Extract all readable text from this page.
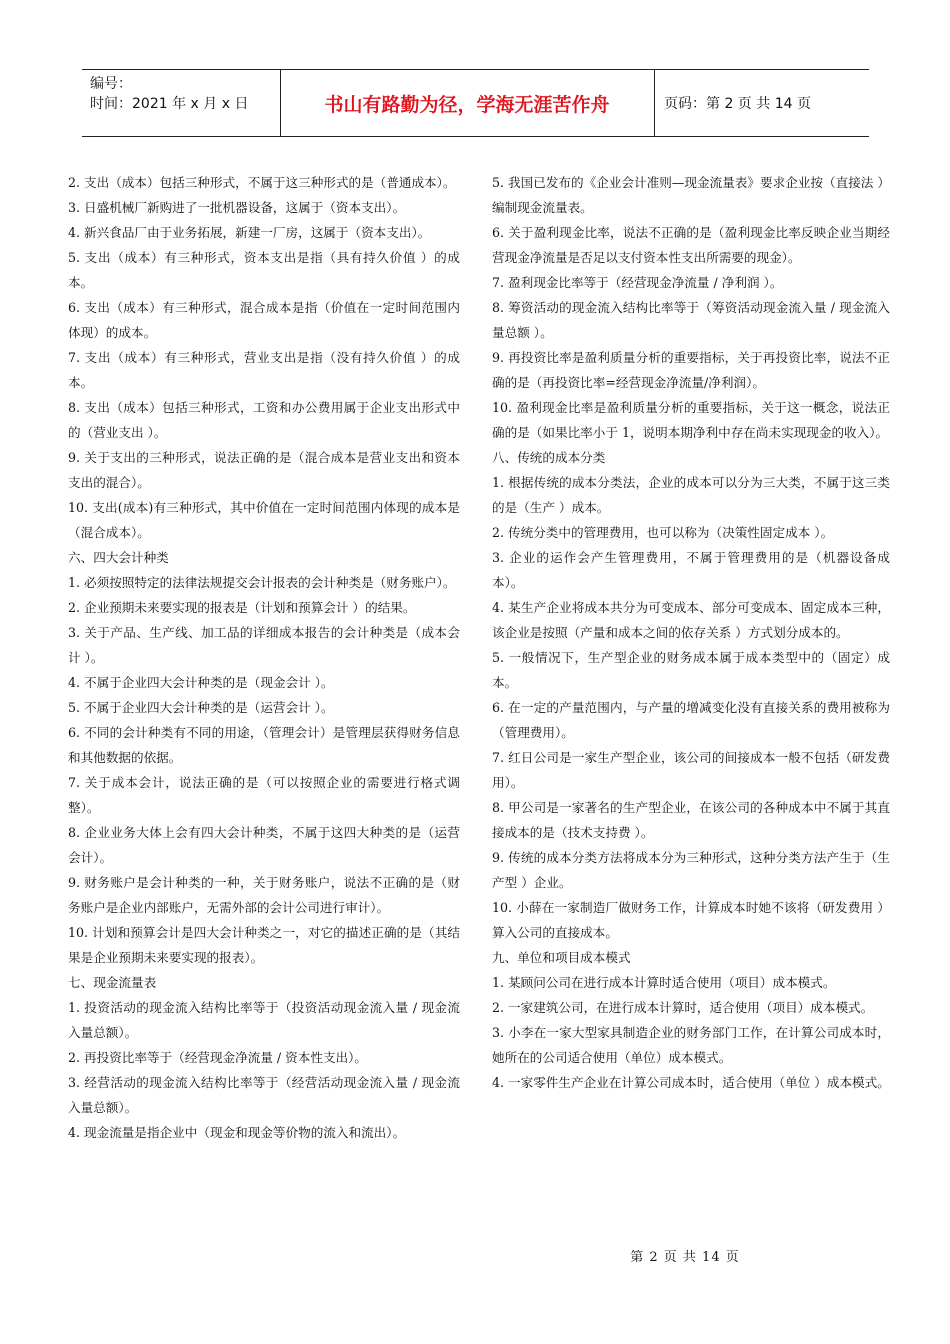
编号：
时间：2021 年 x 月 x 日	书山有路勤为径，学海无涯苦作舟	页码：第 2 页 共 14 页

2. 支出（成本）包括三种形式，不属于这三种形式的是（普通成本）。

3. 日盛机械厂新购进了一批机器设备，这属于（资本支出）。

4. 新兴食品厂由于业务拓展，新建一厂房，这属于（资本支出）。

5. 支出（成本）有三种形式，资本支出是指（具有持久价值 ）的成本。

6. 支出（成本）有三种形式，混合成本是指（价值在一定时间范围内体现）的成本。

7. 支出（成本）有三种形式，营业支出是指（没有持久价值 ）的成本。

8. 支出（成本）包括三种形式，工资和办公费用属于企业支出形式中的（营业支出 ）。

9. 关于支出的三种形式，说法正确的是（混合成本是营业支出和资本支出的混合）。

10. 支出(成本)有三种形式，其中价值在一定时间范围内体现的成本是（混合成本）。

六、四大会计种类

1. 必须按照特定的法律法规提交会计报表的会计种类是（财务账户）。

2. 企业预期未来要实现的报表是（计划和预算会计 ）的结果。

3. 关于产品、生产线、加工品的详细成本报告的会计种类是（成本会计 ）。

4. 不属于企业四大会计种类的是（现金会计 ）。

5. 不属于企业四大会计种类的是（运营会计 ）。

6. 不同的会计种类有不同的用途，（管理会计）是管理层获得财务信息和其他数据的依据。

7. 关于成本会计，说法正确的是（可以按照企业的需要进行格式调整）。

8. 企业业务大体上会有四大会计种类，不属于这四大种类的是（运营会计）。

9. 财务账户是会计种类的一种，关于财务账户，说法不正确的是（财务账户是企业内部账户，无需外部的会计公司进行审计）。

10. 计划和预算会计是四大会计种类之一，对它的描述正确的是（其结果是企业预期未来要实现的报表）。

七、现金流量表

1. 投资活动的现金流入结构比率等于（投资活动现金流入量 / 现金流入量总额）。

2. 再投资比率等于（经营现金净流量 / 资本性支出）。

3. 经营活动的现金流入结构比率等于（经营活动现金流入量 / 现金流入量总额）。

4. 现金流量是指企业中（现金和现金等价物的流入和流出）。

5. 我国已发布的《企业会计准则—现金流量表》要求企业按（直接法 ）编制现金流量表。

6. 关于盈利现金比率，说法不正确的是（盈利现金比率反映企业当期经营现金净流量是否足以支付资本性支出所需要的现金）。

7. 盈利现金比率等于（经营现金净流量 / 净利润 ）。

8. 筹资活动的现金流入结构比率等于（筹资活动现金流入量 / 现金流入量总额 ）。

9. 再投资比率是盈利质量分析的重要指标，关于再投资比率，说法不正确的是（再投资比率=经营现金净流量/净利润）。

10. 盈利现金比率是盈利质量分析的重要指标，关于这一概念，说法正确的是（如果比率小于 1，说明本期净利中存在尚未实现现金的收入）。

八、传统的成本分类

1. 根据传统的成本分类法，企业的成本可以分为三大类，不属于这三类的是（生产 ）成本。

2. 传统分类中的管理费用，也可以称为（决策性固定成本 ）。

3. 企业的运作会产生管理费用，不属于管理费用的是（机器设备成本）。

4. 某生产企业将成本共分为可变成本、部分可变成本、固定成本三种，该企业是按照（产量和成本之间的依存关系 ）方式划分成本的。

5. 一般情况下，生产型企业的财务成本属于成本类型中的（固定）成本。

6. 在一定的产量范围内，与产量的增减变化没有直接关系的费用被称为（管理费用）。

7. 红日公司是一家生产型企业，该公司的间接成本一般不包括（研发费用）。

8. 甲公司是一家著名的生产型企业，在该公司的各种成本中不属于其直接成本的是（技术支持费 ）。

9. 传统的成本分类方法将成本分为三种形式，这种分类方法产生于（生产型 ）企业。

10. 小薛在一家制造厂做财务工作，计算成本时她不该将（研发费用 ）算入公司的直接成本。

九、单位和项目成本模式

1. 某顾问公司在进行成本计算时适合使用（项目）成本模式。

2. 一家建筑公司，在进行成本计算时，适合使用（项目）成本模式。

3. 小李在一家大型家具制造企业的财务部门工作，在计算公司成本时，她所在的公司适合使用（单位）成本模式。

4. 一家零件生产企业在计算公司成本时，适合使用（单位 ）成本模式。

第 2 页 共 14 页
